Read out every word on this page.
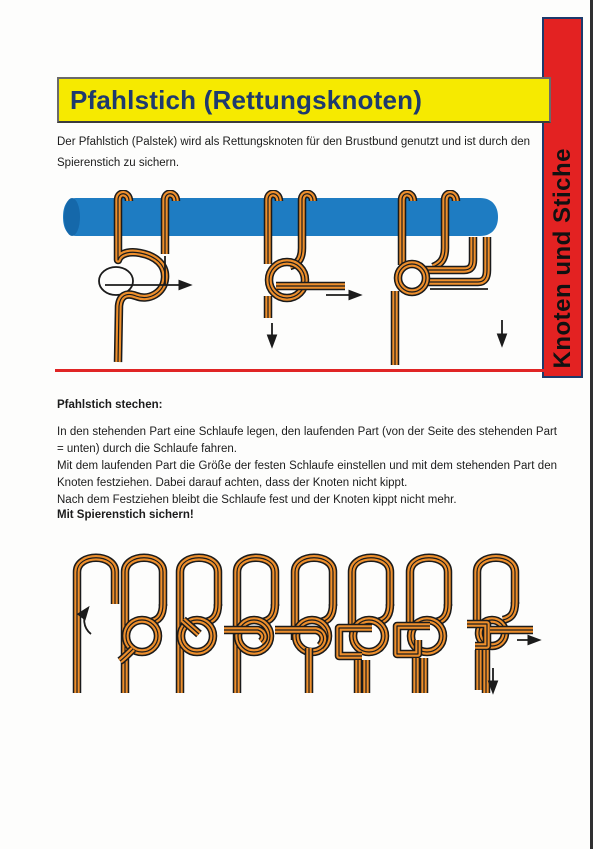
Knoten und Stiche
Pfahlstich (Rettungsknoten)
Der Pfahlstich (Palstek) wird als Rettungsknoten für den Brustbund genutzt und ist durch den Spierenstich zu sichern.
Pfahlstich stechen:

In den stehenden Part eine Schlaufe legen, den laufenden Part (von der Seite des stehenden Part = unten) durch die Schlaufe fahren.

Mit dem laufenden Part die Größe der festen Schlaufe einstellen und mit dem stehenden Part den Knoten festziehen. Dabei darauf achten, dass der Knoten nicht kippt.

Nach dem Festziehen bleibt die Schlaufe fest und der Knoten kippt nicht mehr.

Mit Spierenstich sichern!
